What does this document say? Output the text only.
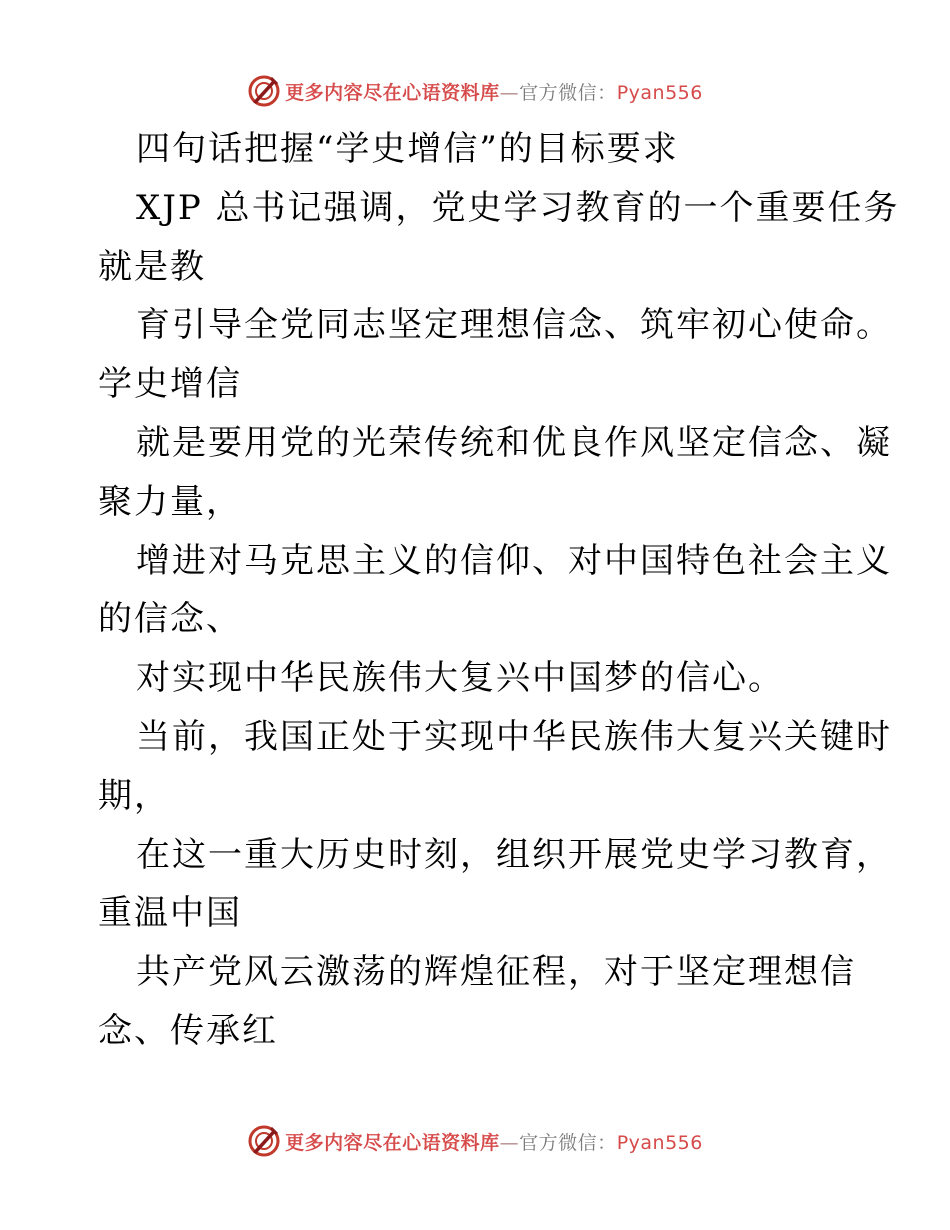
更多内容尽在心语资料库—官方微信：Pyan556
四句话把握“学史增信”的目标要求
XJP 总书记强调，党史学习教育的一个重要任务
就是教
育引导全党同志坚定理想信念、筑牢初心使命。
学史增信
就是要用党的光荣传统和优良作风坚定信念、凝
聚力量，
增进对马克思主义的信仰、对中国特色社会主义
的信念、
对实现中华民族伟大复兴中国梦的信心。
当前，我国正处于实现中华民族伟大复兴关键时
期，
在这一重大历史时刻，组织开展党史学习教育，
重温中国
共产党风云激荡的辉煌征程，对于坚定理想信
念、传承红
更多内容尽在心语资料库—官方微信：Pyan556
